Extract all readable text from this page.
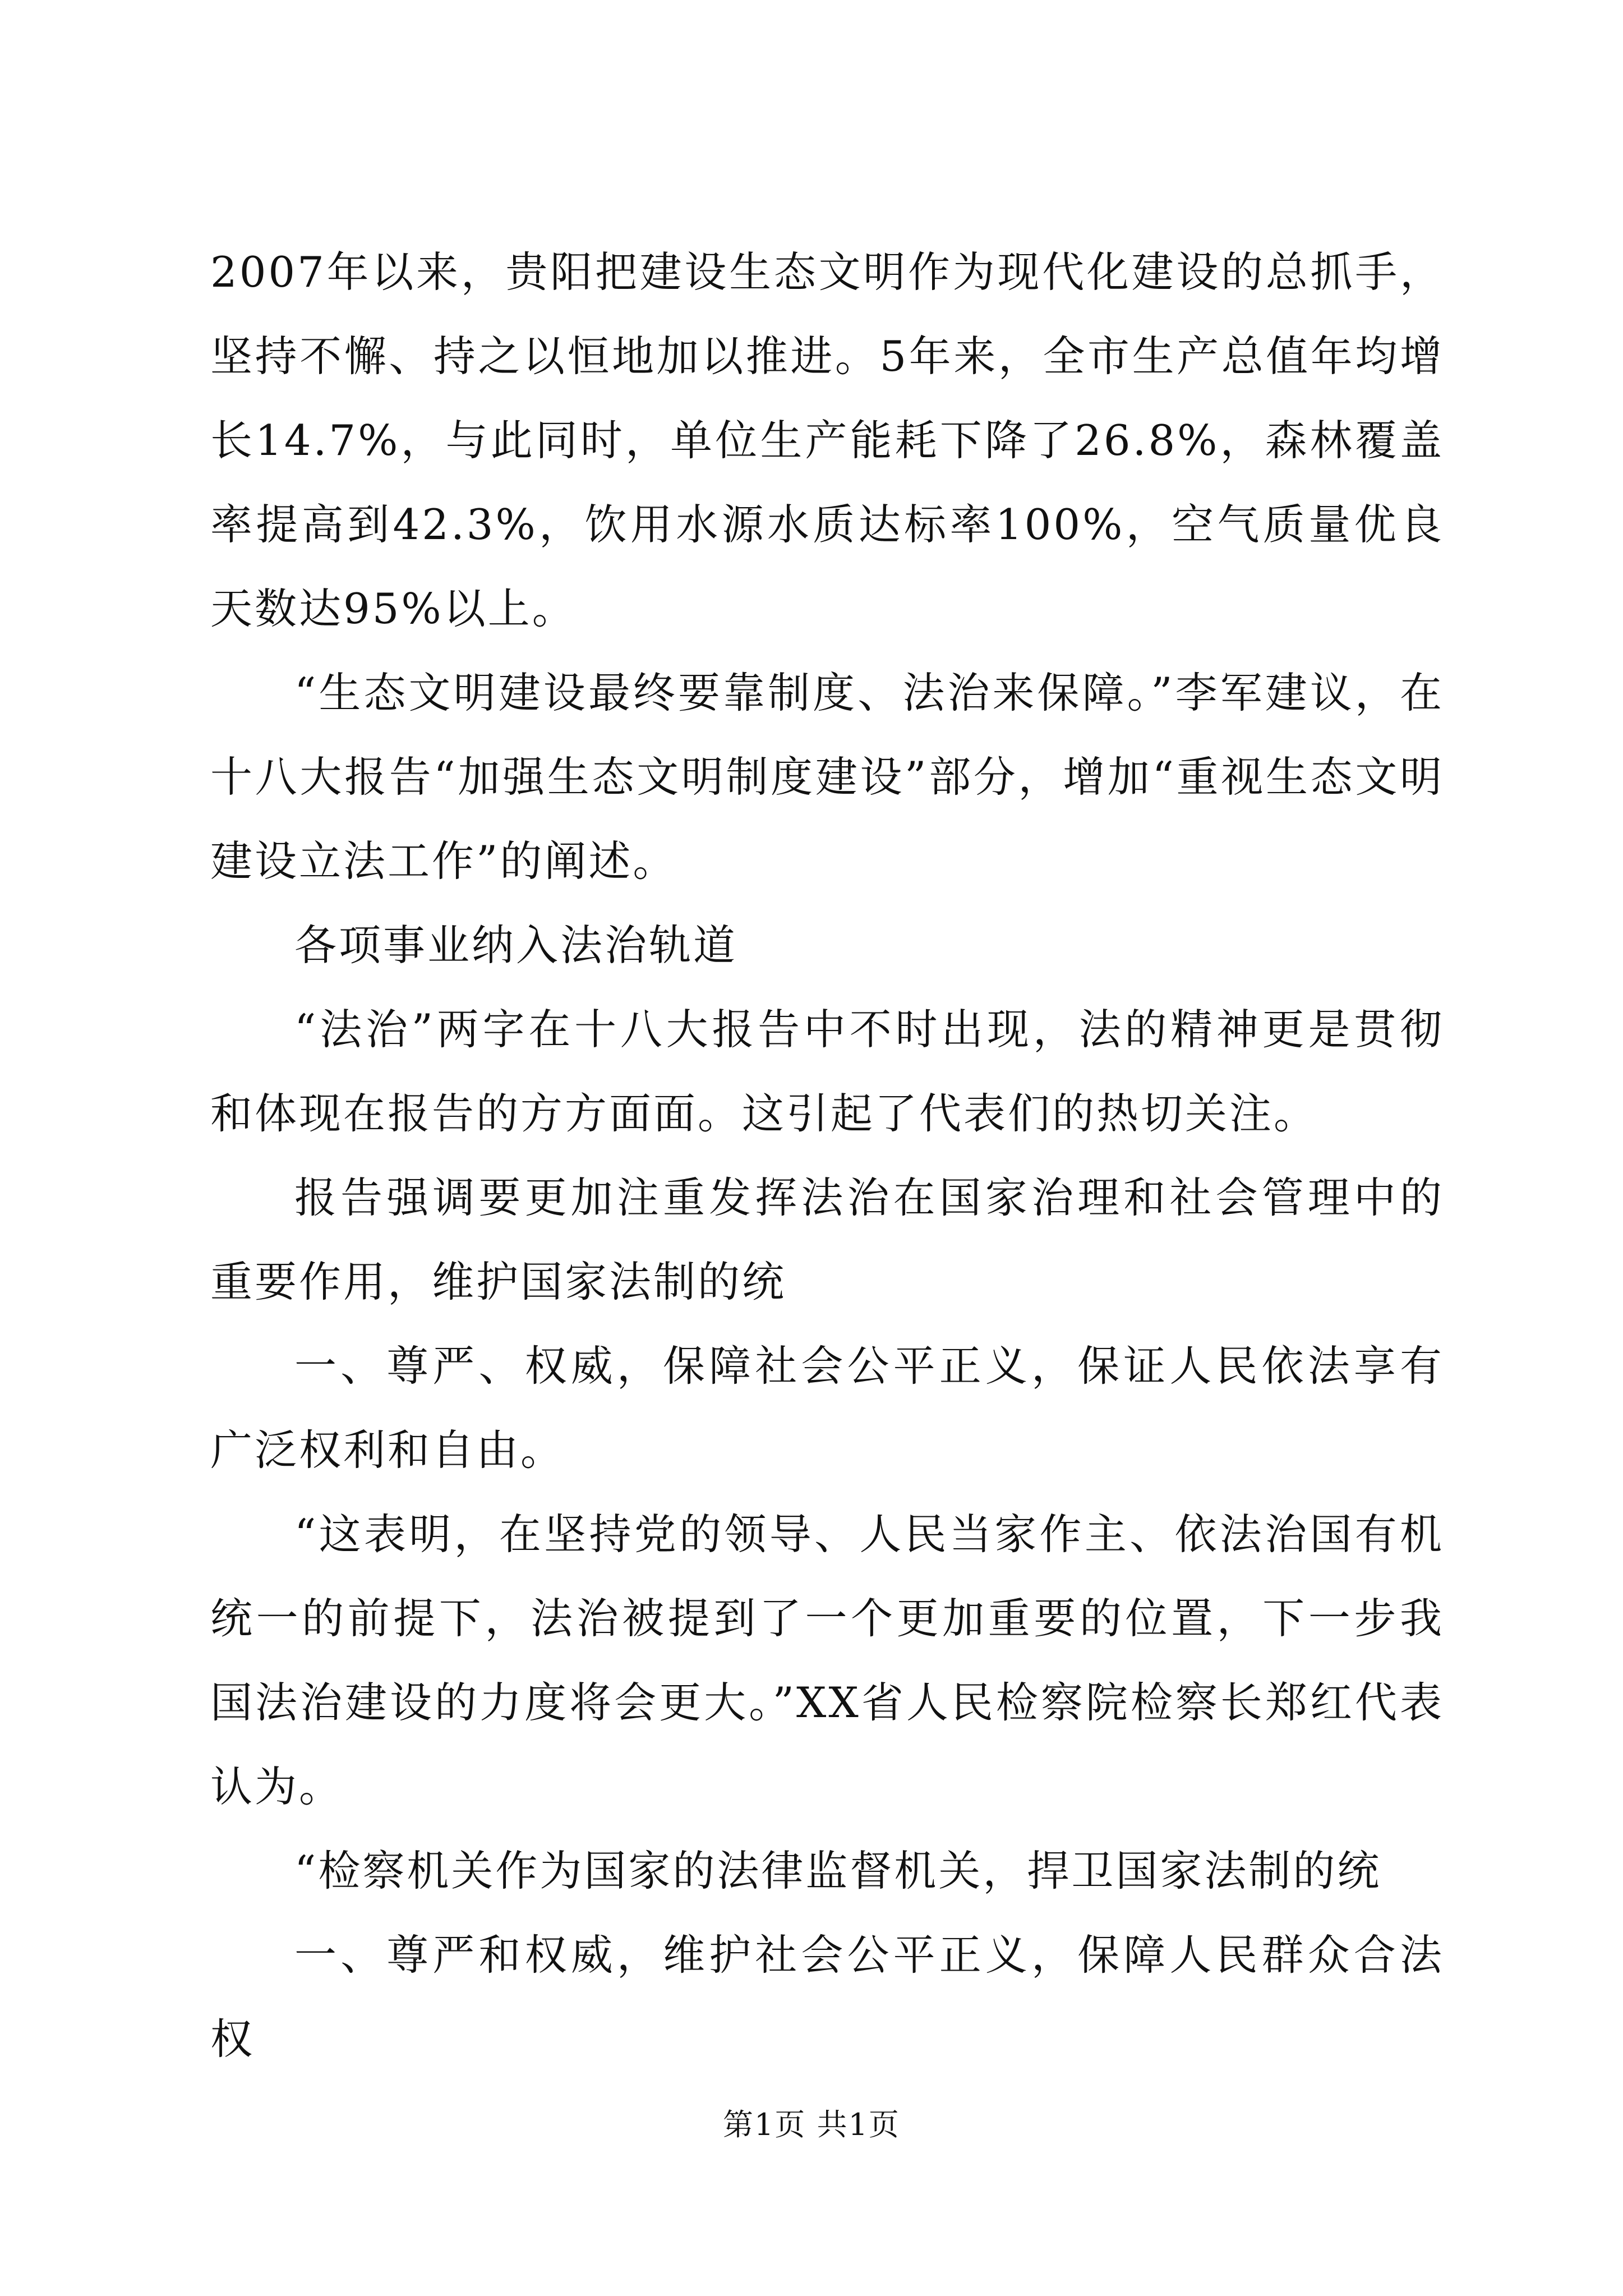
2007年以来，贵阳把建设生态文明作为现代化建设的总抓手，坚持不懈、持之以恒地加以推进。5年来，全市生产总值年均增长14.7%，与此同时，单位生产能耗下降了26.8%，森林覆盖率提高到42.3%，饮用水源水质达标率100%，空气质量优良天数达95%以上。

“生态文明建设最终要靠制度、法治来保障。”李军建议，在十八大报告“加强生态文明制度建设”部分，增加“重视生态文明建设立法工作”的阐述。

各项事业纳入法治轨道

“法治”两字在十八大报告中不时出现，法的精神更是贯彻和体现在报告的方方面面。这引起了代表们的热切关注。

报告强调要更加注重发挥法治在国家治理和社会管理中的重要作用，维护国家法制的统

一、尊严、权威，保障社会公平正义，保证人民依法享有广泛权利和自由。

“这表明，在坚持党的领导、人民当家作主、依法治国有机统一的前提下，法治被提到了一个更加重要的位置，下一步我国法治建设的力度将会更大。”XX省人民检察院检察长郑红代表认为。

“检察机关作为国家的法律监督机关，捍卫国家法制的统

一、尊严和权威，维护社会公平正义，保障人民群众合法权

第1页 共1页
